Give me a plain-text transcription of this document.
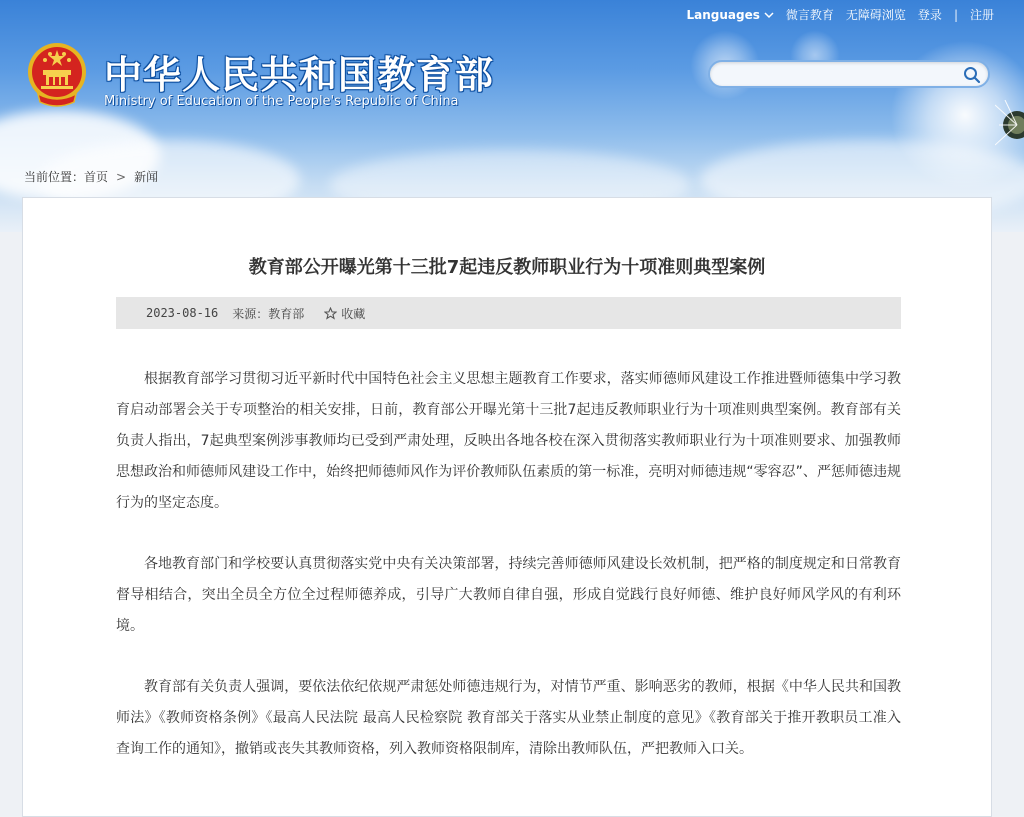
Languages 微言教育 无障碍浏览 登录 | 注册
中华人民共和国教育部
Ministry of Education of the People's Republic of China
当前位置：首页 > 新闻
教育部公开曝光第十三批7起违反教师职业行为十项准则典型案例
2023-08-16 来源：教育部	收藏

根据教育部学习贯彻习近平新时代中国特色社会主义思想主题教育工作要求，落实师德师风建设工作推进暨师德集中学习教育启动部署会关于专项整治的相关安排，日前，教育部公开曝光第十三批7起违反教师职业行为十项准则典型案例。教育部有关负责人指出，7起典型案例涉事教师均已受到严肃处理，反映出各地各校在深入贯彻落实教师职业行为十项准则要求、加强教师思想政治和师德师风建设工作中，始终把师德师风作为评价教师队伍素质的第一标准，亮明对师德违规“零容忍”、严惩师德违规行为的坚定态度。

各地教育部门和学校要认真贯彻落实党中央有关决策部署，持续完善师德师风建设长效机制，把严格的制度规定和日常教育督导相结合，突出全员全方位全过程师德养成，引导广大教师自律自强，形成自觉践行良好师德、维护良好师风学风的有利环境。

教育部有关负责人强调，要依法依纪依规严肃惩处师德违规行为，对情节严重、影响恶劣的教师，根据《中华人民共和国教师法》《教师资格条例》《最高人民法院 最高人民检察院 教育部关于落实从业禁止制度的意见》《教育部关于推开教职员工准入查询工作的通知》，撤销或丧失其教师资格，列入教师资格限制库，清除出教师队伍，严把教师入口关。
